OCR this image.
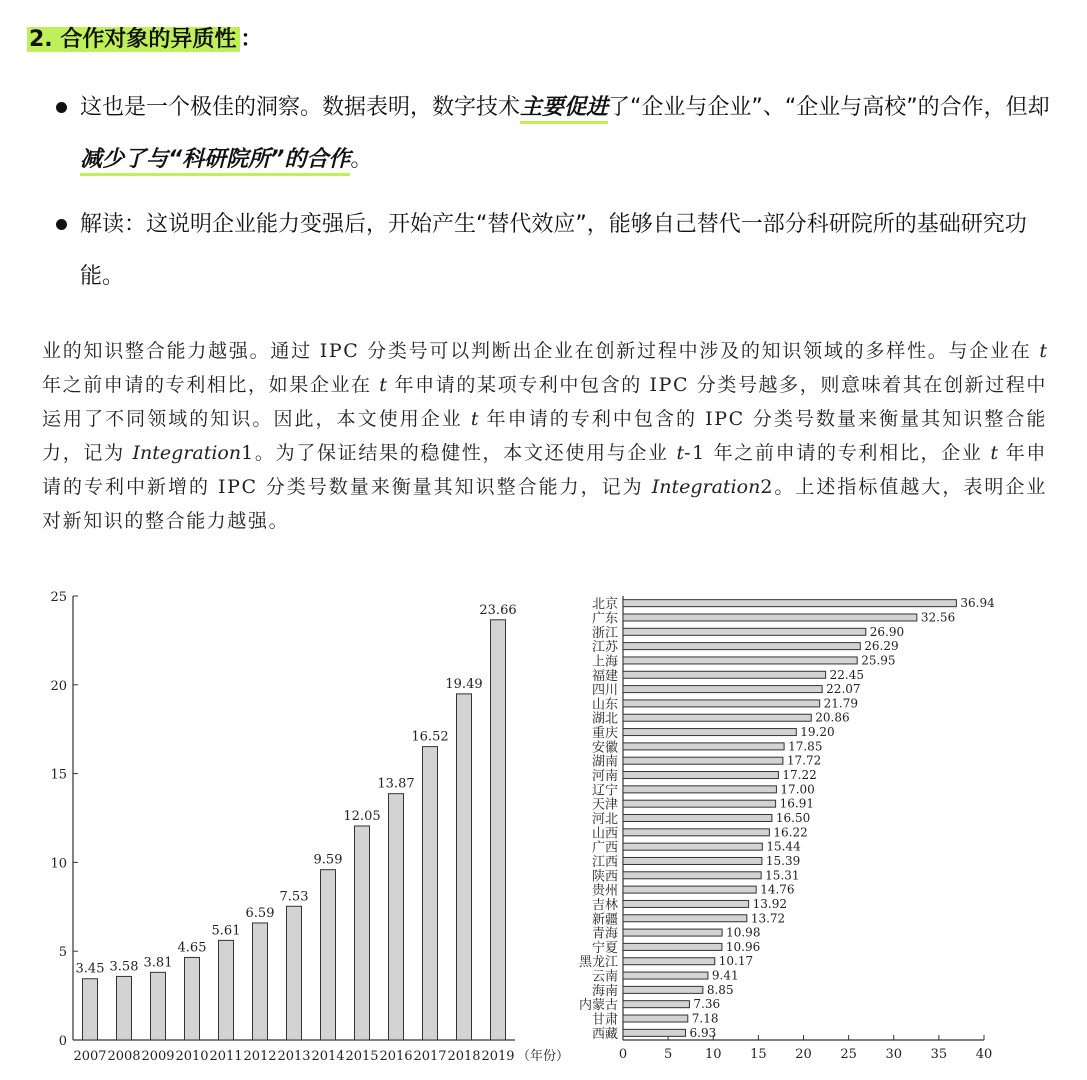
2. 合作对象的异质性 ：
这也是一个极佳的洞察。数据表明，数字技术主要促进了“企业与企业”、“企业与高校”的合作，但却减少了与“科研院所”的合作。
解读：这说明企业能力变强后，开始产生“替代效应”，能够自己替代一部分科研院所的基础研究功能。
业的知识整合能力越强。通过 IPC 分类号可以判断出企业在创新过程中涉及的知识领域的多样性。与企业在 t 年之前申请的专利相比，如果企业在 t 年申请的某项专利中包含的 IPC 分类号越多，则意味着其在创新过程中运用了不同领域的知识。因此，本文使用企业 t 年申请的专利中包含的 IPC 分类号数量来衡量其知识整合能力，记为 Integration1。为了保证结果的稳健性，本文还使用与企业 t-1 年之前申请的专利相比，企业 t 年申请的专利中新增的 IPC 分类号数量来衡量其知识整合能力，记为 Integration2。上述指标值越大，表明企业对新知识的整合能力越强。
0
5
10
15
20
25
3.45
2007
3.58
2008
3.81
2009
4.65
2010
5.61
2011
6.59
2012
7.53
2013
9.59
2014
12.05
2015
13.87
2016
16.52
2017
19.49
2018
23.66
2019 （年份）	0	5	10 15 20 25 30 35 40
36.94
北京
32.56
广东
26.90
浙江
26.29
江苏
25.95
上海
22.45
福建
22.07
四川
21.79
山东
20.86
湖北
19.20
重庆
17.85
安徽
17.72
湖南
17.22
河南
17.00
辽宁
16.91
天津
16.50
河北
16.22
山西
15.44
广西
15.39
江西
15.31
陕西
14.76
贵州
13.92
吉林
13.72
新疆
10.98
青海
10.96
宁夏
10.17
黑龙江
9.41
云南
8.85
海南
7.36
内蒙古
7.18
甘肃
6.93
西藏
